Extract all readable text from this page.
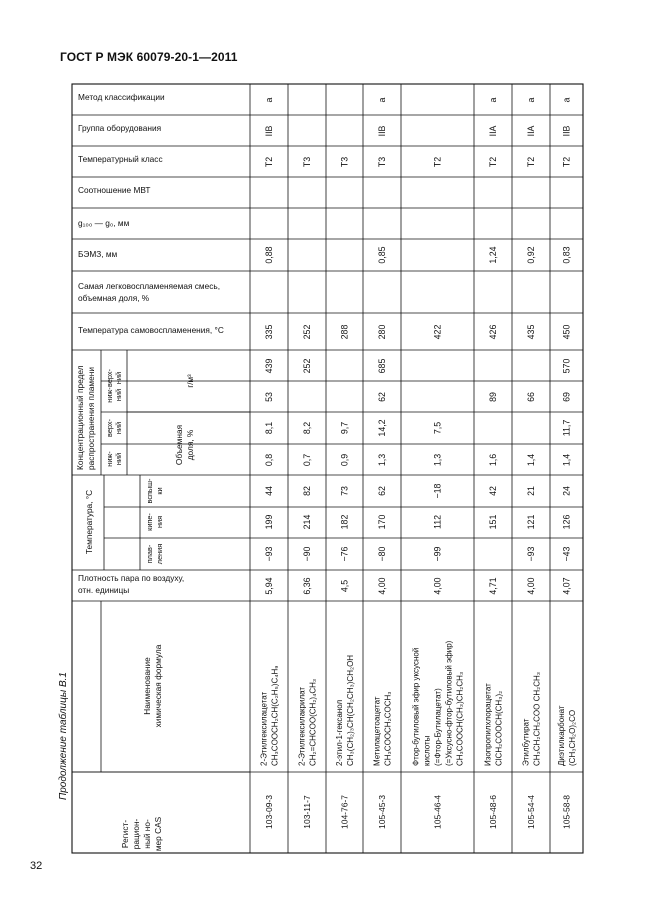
ГОСТ Р МЭК 60079-20-1—2011
Продолжение таблицы В.1
32
Метод классификации
Группа оборудования
Температурный класс
Соотношение МВТ
g₁₀₀ — g₀, мм
БЭМЗ, мм
Самая легковоспламеняемая смесь,
объемная доля, %
Температура самовоспламенения, °C
Плотность пара по воздуху,
отн. единицы
Концентрационный предел распространения пламени верх- ний
ниж- ний
верх- ний
ниж- ний
г/м³
Объемная доля, %
Температура, °C	вспыш- ки
кипе- ния
плав- ления
Наименование химическая формула
Регист- рацион- ный но- мер CAS
a
IIB
T2
0,88
335
439
53
8,1
0,8
44
199
−93
5,94
2-Этилгексилацетат CH₃COOCH₂CH(C₂H₅)C₄H₉
103-09-3
T3
252
252
8,2
0,7
82
214
−90
6,36
2-Этилгексилакрилат CH₂=CHCOO(CH₂)₄CH₃
103-11-7
T3
288
9,7
0,9
73
182
−76
4,5
2-этил-1-гексанол CH₃(CH₂)₃CH(CH₂CH₃)CH₂OH
104-76-7
a
IIB
T3
0,85
280
685
62
14,2
1,3
62
170
−80
4,00
Метилацетоацетат CH₃COOCH₂COCH₃
105-45-3
T2
422
7,5
1,3
−18
112
−99
4,00
Фтор-бутиловый эфир уксусной кислоты (=Фтор-Бутилацетат) (=Уксусно-фтор-бутиловый эфир) CH₃COOCH(CH₃)CH₂CH₃
105-46-4
a
IIA
T2
1,24
426
89
1,6
42
151
4,71
Изопропилхлорацетат ClCH₂COOCH(CH₃)₂
105-48-6
a
IIA
T2
0,92
435
66
1,4
21
121
−93
4,00
Этилбутират CH₃CH₂CH₂COO CH₂CH₃
105-54-4
a
IIB
T2
0,83
450
570
69
11,7
1,4
24
126
−43
4,07
Диэтилкарбонат (CH₃CH₂O)₂CO
105-58-8
